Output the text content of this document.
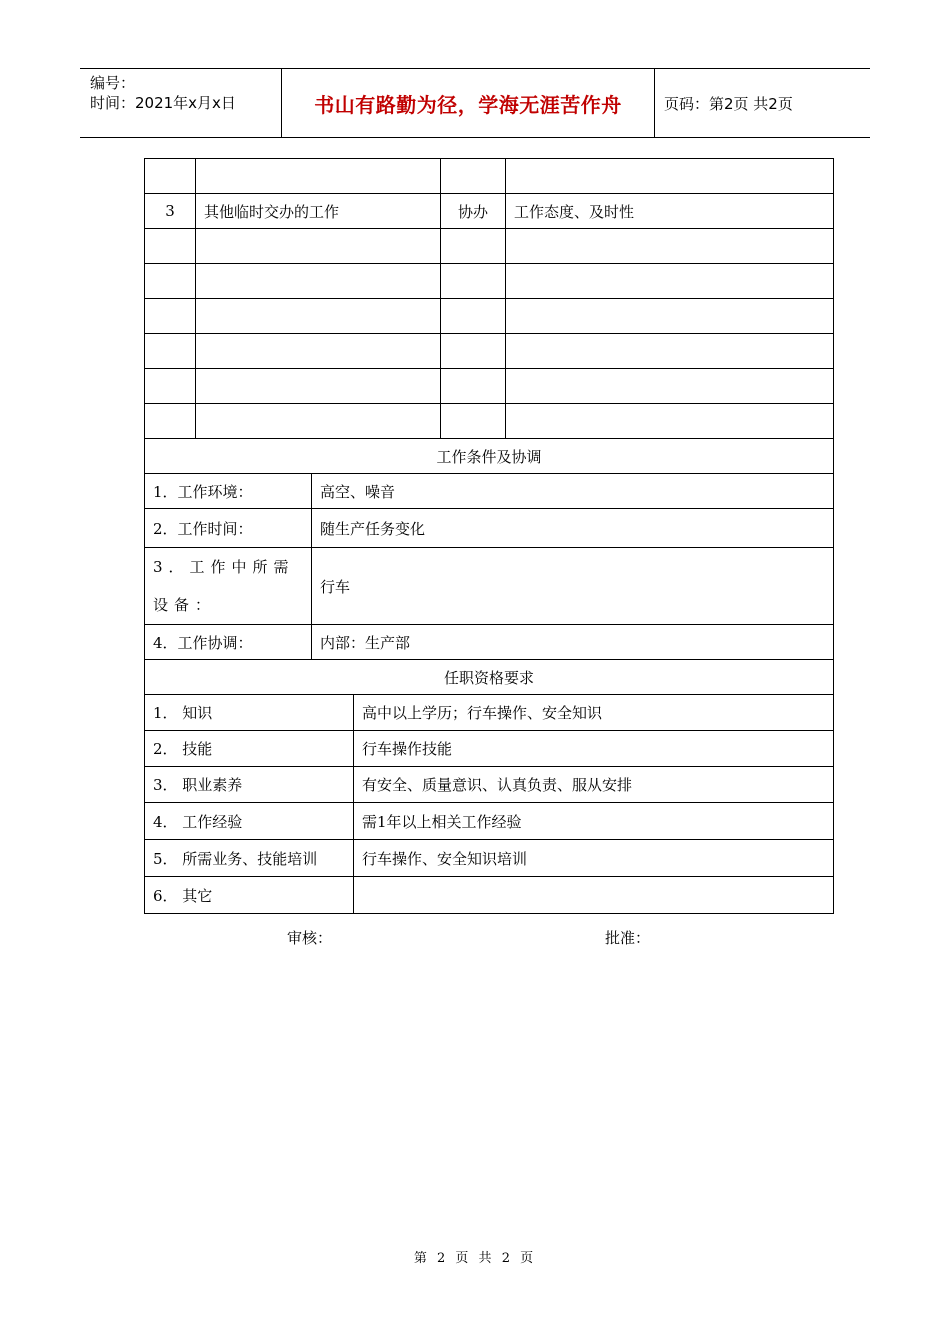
编号：
时间：2021年x月x日	书山有路勤为径，学海无涯苦作舟	页码：第2页 共2页

3	其他临时交办的工作			协办	工作态度、及时性

工作条件及协调					
1．工作环境：		高空、噪音			
2．工作时间：		随生产任务变化			
3．工作中所需设备：		行车			
4．工作协调：		内部：生产部			
任职资格要求					
1． 知识			高中以上学历；行车操作、安全知识		
2． 技能			行车操作技能		
3． 职业素养			有安全、质量意识、认真负责、服从安排		
4． 工作经验			需1年以上相关工作经验		
5． 所需业务、技能培训			行车操作、安全知识培训		
6． 其它					
审核：	批准：
第 2 页 共 2 页
